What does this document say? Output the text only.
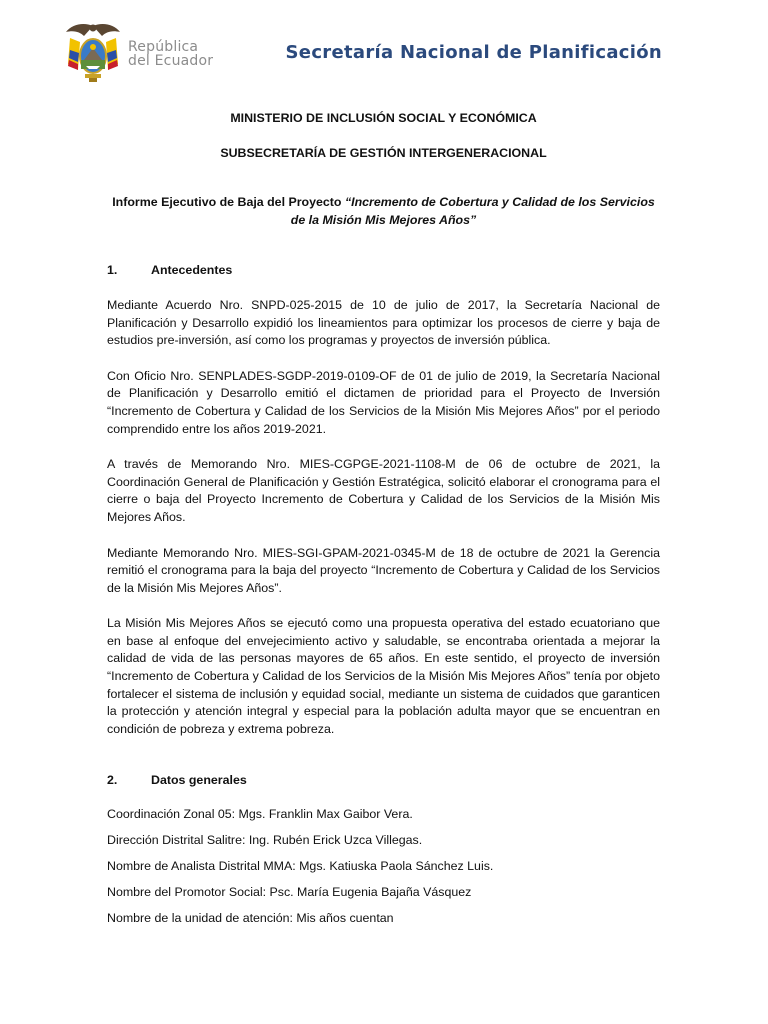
República
del Ecuador	Secretaría Nacional de Planificación

MINISTERIO DE INCLUSIÓN SOCIAL Y ECONÓMICA

SUBSECRETARÍA DE GESTIÓN INTERGENERACIONAL

Informe Ejecutivo de Baja del Proyecto “Incremento de Cobertura y Calidad de los Servicios de la Misión Mis Mejores Años”

1.	Antecedentes

Mediante Acuerdo Nro. SNPD-025-2015 de 10 de julio de 2017, la Secretaría Nacional de Planificación y Desarrollo expidió los lineamientos para optimizar los procesos de cierre y baja de estudios pre-inversión, así como los programas y proyectos de inversión pública.

Con Oficio Nro. SENPLADES-SGDP-2019-0109-OF de 01 de julio de 2019, la Secretaría Nacional de Planificación y Desarrollo emitió el dictamen de prioridad para el Proyecto de Inversión “Incremento de Cobertura y Calidad de los Servicios de la Misión Mis Mejores Años” por el periodo comprendido entre los años 2019-2021.

A través de Memorando Nro. MIES-CGPGE-2021-1108-M de 06 de octubre de 2021, la Coordinación General de Planificación y Gestión Estratégica, solicitó elaborar el cronograma para el cierre o baja del Proyecto Incremento de Cobertura y Calidad de los Servicios de la Misión Mis Mejores Años.

Mediante Memorando Nro. MIES-SGI-GPAM-2021-0345-M de 18 de octubre de 2021 la Gerencia remitió el cronograma para la baja del proyecto “Incremento de Cobertura y Calidad de los Servicios de la Misión Mis Mejores Años”.

La Misión Mis Mejores Años se ejecutó como una propuesta operativa del estado ecuatoriano que en base al enfoque del envejecimiento activo y saludable, se encontraba orientada a mejorar la calidad de vida de las personas mayores de 65 años. En este sentido, el proyecto de inversión “Incremento de Cobertura y Calidad de los Servicios de la Misión Mis Mejores Años” tenía por objeto fortalecer el sistema de inclusión y equidad social, mediante un sistema de cuidados que garanticen la protección y atención integral y especial para la población adulta mayor que se encuentran en condición de pobreza y extrema pobreza.

2.	Datos generales

Coordinación Zonal 05: Mgs. Franklin Max Gaibor Vera.

Dirección Distrital Salitre: Ing. Rubén Erick Uzca Villegas.

Nombre de Analista Distrital MMA: Mgs. Katiuska Paola Sánchez Luis.

Nombre del Promotor Social: Psc. María Eugenia Bajaña Vásquez

Nombre de la unidad de atención: Mis años cuentan
